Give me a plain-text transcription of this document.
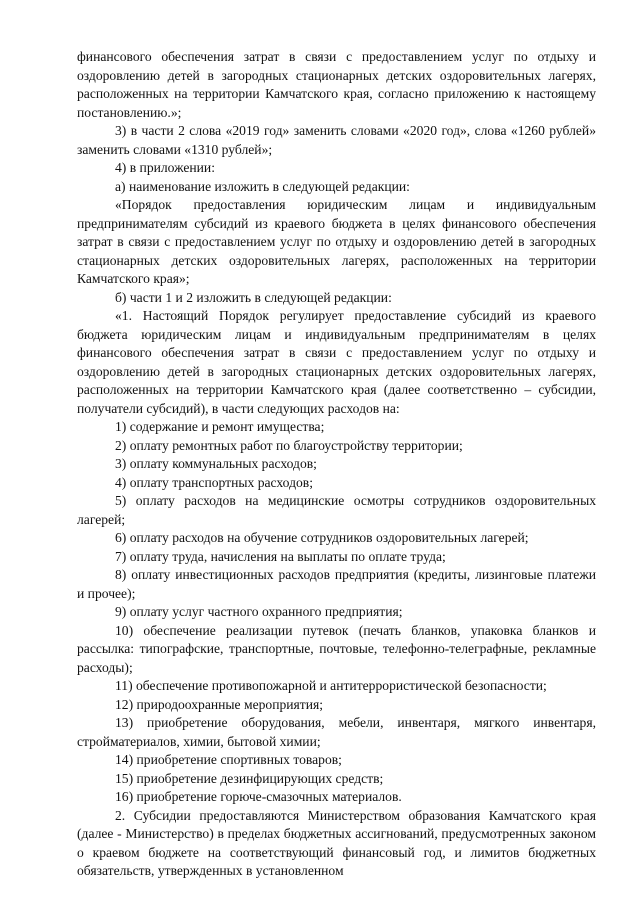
финансового обеспечения затрат в связи с предоставлением услуг по отдыху и оздоровлению детей в загородных стационарных детских оздоровительных лагерях, расположенных на территории Камчатского края, согласно приложению к настоящему постановлению.»;

3) в части 2 слова «2019 год» заменить словами «2020 год», слова «1260 рублей» заменить словами «1310 рублей»;

4) в приложении:

а) наименование изложить в следующей редакции:

«Порядок предоставления юридическим лицам и индивидуальным предпринимателям субсидий из краевого бюджета в целях финансового обеспечения затрат в связи с предоставлением услуг по отдыху и оздоровлению детей в загородных стационарных детских оздоровительных лагерях, расположенных на территории Камчатского края»;

б) части 1 и 2 изложить в следующей редакции:

«1. Настоящий Порядок регулирует предоставление субсидий из краевого бюджета юридическим лицам и индивидуальным предпринимателям в целях финансового обеспечения затрат в связи с предоставлением услуг по отдыху и оздоровлению детей в загородных стационарных детских оздоровительных лагерях, расположенных на территории Камчатского края (далее соответственно – субсидии, получатели субсидий), в части следующих расходов на:

1) содержание и ремонт имущества;

2) оплату ремонтных работ по благоустройству территории;

3) оплату коммунальных расходов;

4) оплату транспортных расходов;

5) оплату расходов на медицинские осмотры сотрудников оздоровительных лагерей;

6) оплату расходов на обучение сотрудников оздоровительных лагерей;

7) оплату труда, начисления на выплаты по оплате труда;

8) оплату инвестиционных расходов предприятия (кредиты, лизинговые платежи и прочее);

9) оплату услуг частного охранного предприятия;

10) обеспечение реализации путевок (печать бланков, упаковка бланков и рассылка: типографские, транспортные, почтовые, телефонно-телеграфные, рекламные расходы);

11) обеспечение противопожарной и антитеррористической безопасности;

12) природоохранные мероприятия;

13) приобретение оборудования, мебели, инвентаря, мягкого инвентаря, стройматериалов, химии, бытовой химии;

14) приобретение спортивных товаров;

15) приобретение дезинфицирующих средств;

16) приобретение горюче-смазочных материалов.

2. Субсидии предоставляются Министерством образования Камчатского края (далее - Министерство) в пределах бюджетных ассигнований, предусмотренных законом о краевом бюджете на соответствующий финансовый год, и лимитов бюджетных обязательств, утвержденных в установленном
